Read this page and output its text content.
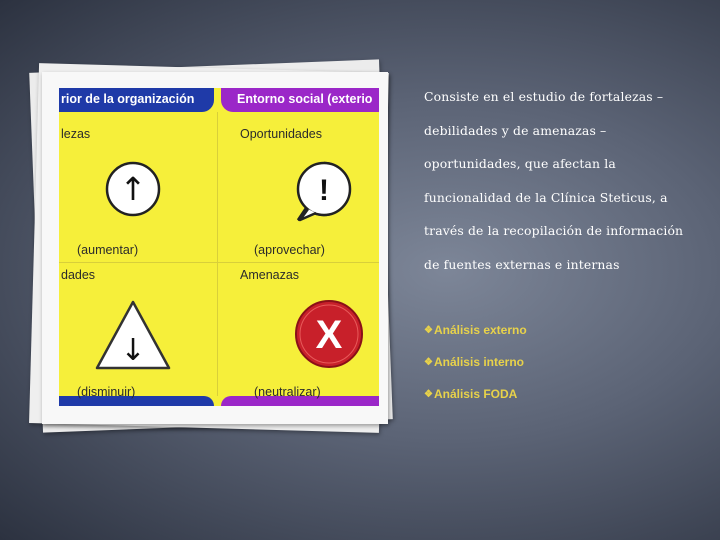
rior de la organización	Entorno social (exterio
lezas
↑
(aumentar)
Oportunidades
!
(aprovechar)
dades
↓
(disminuir)
Amenazas
X
(neutralizar)
Consiste en el estudio de fortalezas –
debilidades y de amenazas –
oportunidades, que afectan la
funcionalidad de la Clínica Steticus, a
través de la recopilación de información
de fuentes externas e internas
❖ Análisis externo
❖ Análisis interno
❖ Análisis FODA
